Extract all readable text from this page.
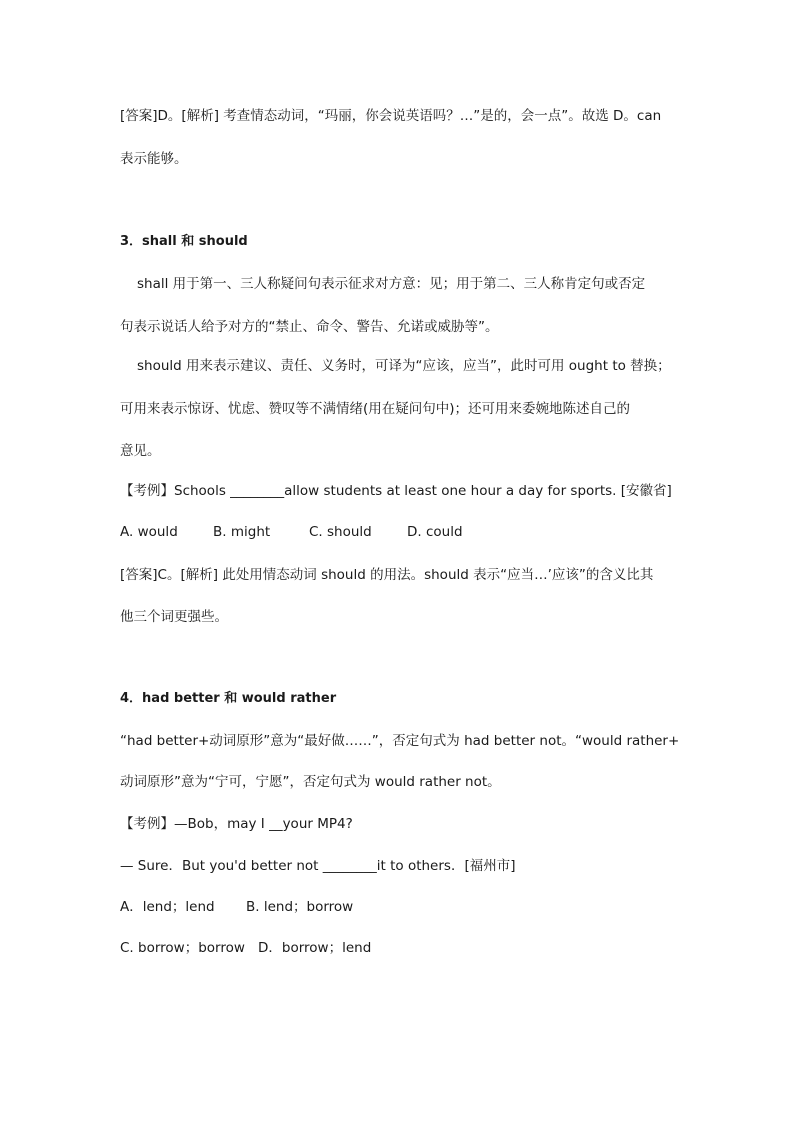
[答案]D。[解析] 考查情态动词，“玛丽，你会说英语吗？…”是的，会一点”。故选 D。can
表示能够。
3．shall 和 should
shall 用于第一、三人称疑问句表示征求对方意：见；用于第二、三人称肯定句或否定
句表示说话人给予对方的“禁止、命令、警告、允诺或威胁等”。
should 用来表示建议、责任、义务时，可译为“应该，应当”，此时可用 ought to 替换；
可用来表示惊讶、忧虑、赞叹等不满情绪(用在疑问句中)；还可用来委婉地陈述自己的
意见。
【考例】Schools ________allow students at least one hour a day for sports. [安徽省]
A. would	B. might	C. should	D. could
[答案]C。[解析] 此处用情态动词 should 的用法。should 表示“应当…’应该”的含义比其
他三个词更强些。
4．had better 和 would rather
“had better+动词原形”意为“最好做……”，否定句式为 had better not。“would rather+
动词原形”意为“宁可，宁愿”，否定句式为 would rather not。
【考例】—Bob，may I __your MP4?
— Sure．But you'd better not ________it to others．[福州市]
A．lend；lend B. lend；borrow
C. borrow；borrow D．borrow；lend
